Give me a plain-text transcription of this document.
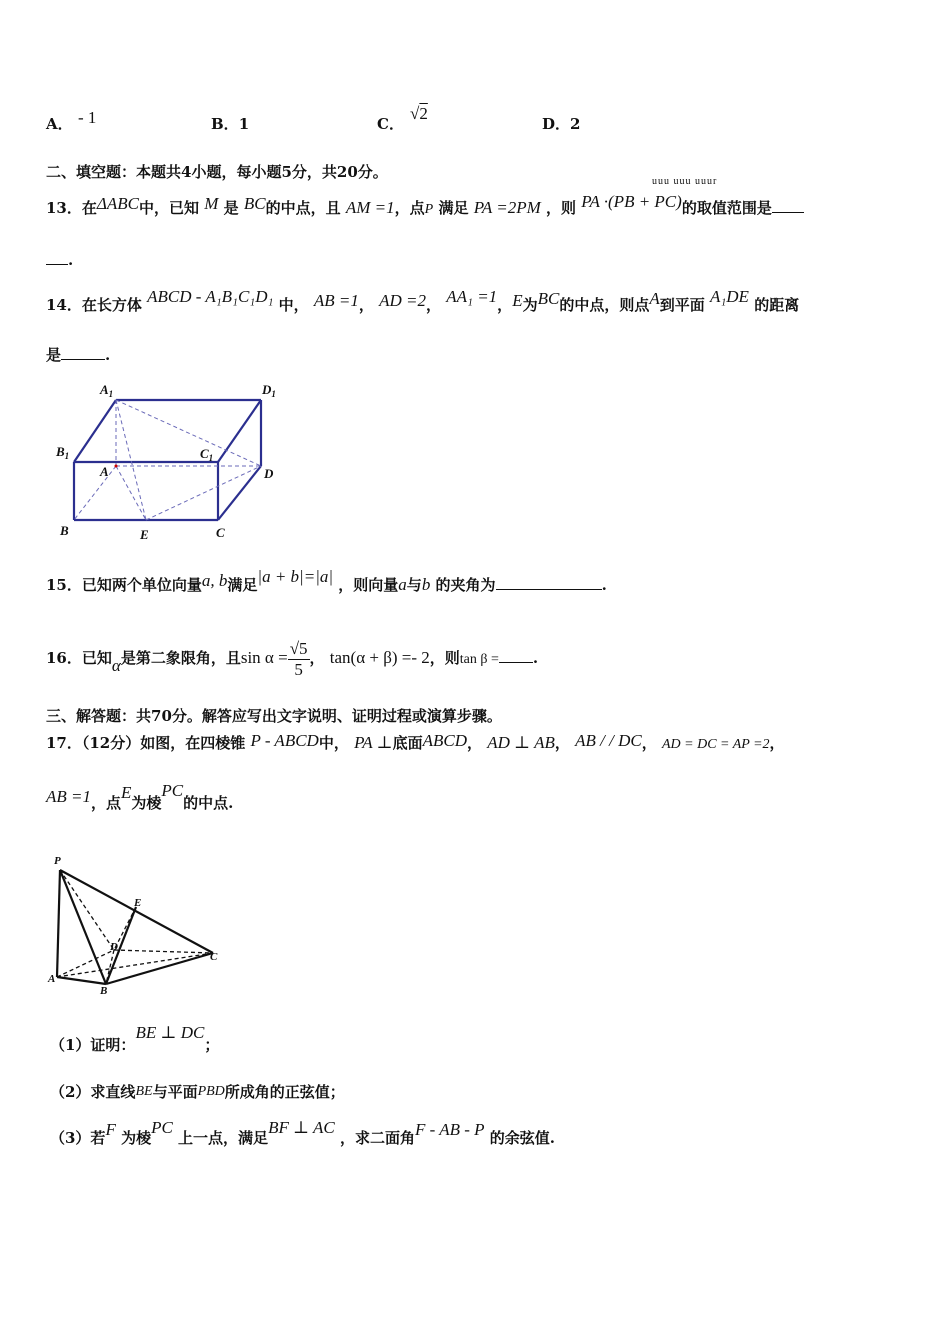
A． - 1	B．1	C．
√2
D．2
二、填空题：本题共4小题，每小题5分，共20分。
uuu uuu uuur
13．在ΔABC中，已知 M 是 BC的中点，且 AM =1，点P 满足 PA =2PM ，则 PA ·(PB + PC)的取值范围是
.
14．在长方体 ABCD - A₁B₁C₁D₁ 中， AB =1， AD =2， AA₁ =1，E为BC的中点，则点A到平面 A₁DE 的距离
是	.
$A_1$	$D_1$
$B_1$	$C_1$
A	D
B	E	C
15．已知两个单位向量a, b满足|a + b|=|a| ，则向量a与b 的夹角为	.
16．已知α是第二象限角，且$\sin \alpha = \frac{√5}{5}$ ， tan(α + β) =- 2，则tan β = .
三、解答题：共70分。解答应写出文字说明、证明过程或演算步骤。
17．（12分）如图，在四棱锥 P - ABCD中， PA ⊥底面ABCD， AD ⊥ AB， AB / / DC， AD = DC = AP =2，
AB =1，点E为棱PC的中点.
P
E
D
A
B
C
（1）证明：BE ⊥ DC；
（2）求直线BE与平面PBD所成角的正弦值；
（3）若F 为棱PC 上一点，满足BF ⊥ AC ，求二面角F - AB - P 的余弦值.
